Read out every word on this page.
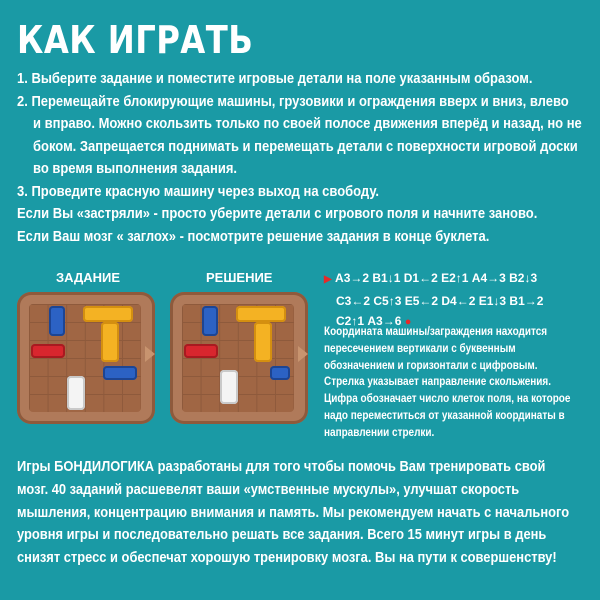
КАК ИГРАТЬ
1. Выберите задание и поместите игровые детали на поле указанным образом.
2. Перемещайте блокирующие машины, грузовики и ограждения вверх и вниз, влево
и вправо. Можно скользить только по своей полосе движения вперёд и назад, но не
боком. Запрещается поднимать и перемещать детали с поверхности игровой доски
во время выполнения задания.
3. Проведите красную машину через выход на свободу.
Если Вы «застряли» - просто уберите детали с игрового поля и начните заново.
Если Ваш мозг « заглох» - посмотрите решение задания в конце буклета.
ЗАДАНИЕ	РЕШЕНИЕ	▶ А3→2 В1↓1 D1←2 Е2↑1 А4→3 В2↓3
С3←2 С5↑3 Е5←2 D4←2 Е1↓3 В1→2
С2↑1 А3→6 ●
Координата машины/заграждения находится
пересечением вертикали с буквенным
обозначением и горизонтали с цифровым.
Стрелка указывает направление скольжения.
Цифра обозначает число клеток поля, на которое
надо переместиться от указанной координаты в
направлении стрелки.
Игры БОНДИЛОГИКА разработаны для того чтобы помочь Вам тренировать свой
мозг. 40 заданий расшевелят ваши «умственные мускулы», улучшат скорость
мышления, концентрацию внимания и память. Мы рекомендуем начать с начального
уровня игры и последовательно решать все задания. Всего 15 минут игры в день
снизят стресс и обеспечат хорошую тренировку мозга. Вы на пути к совершенству!
